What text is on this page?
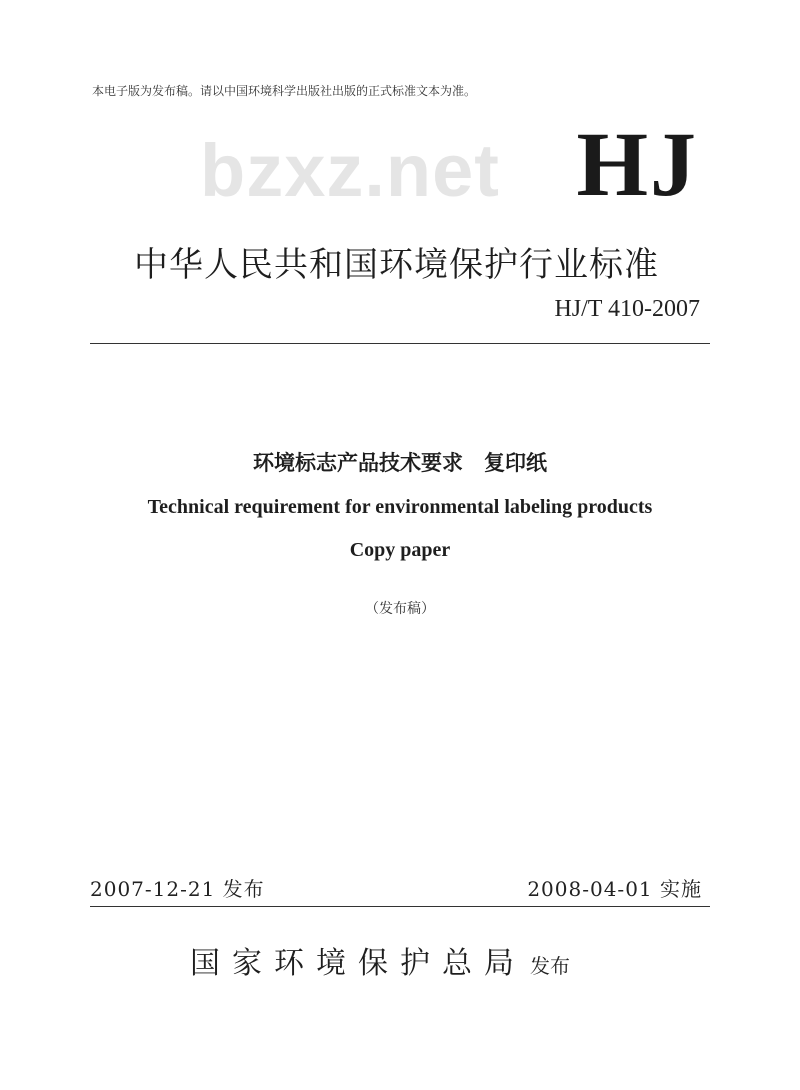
本电子版为发布稿。请以中国环境科学出版社出版的正式标准文本为准。
bzxz.net HJ
中华人民共和国环境保护行业标准
HJ/T 410-2007
环境标志产品技术要求　复印纸
Technical requirement for environmental labeling products
Copy paper
（发布稿）
2007-12-21 发布	2008-04-01 实施
国家环境保护总局 发布
